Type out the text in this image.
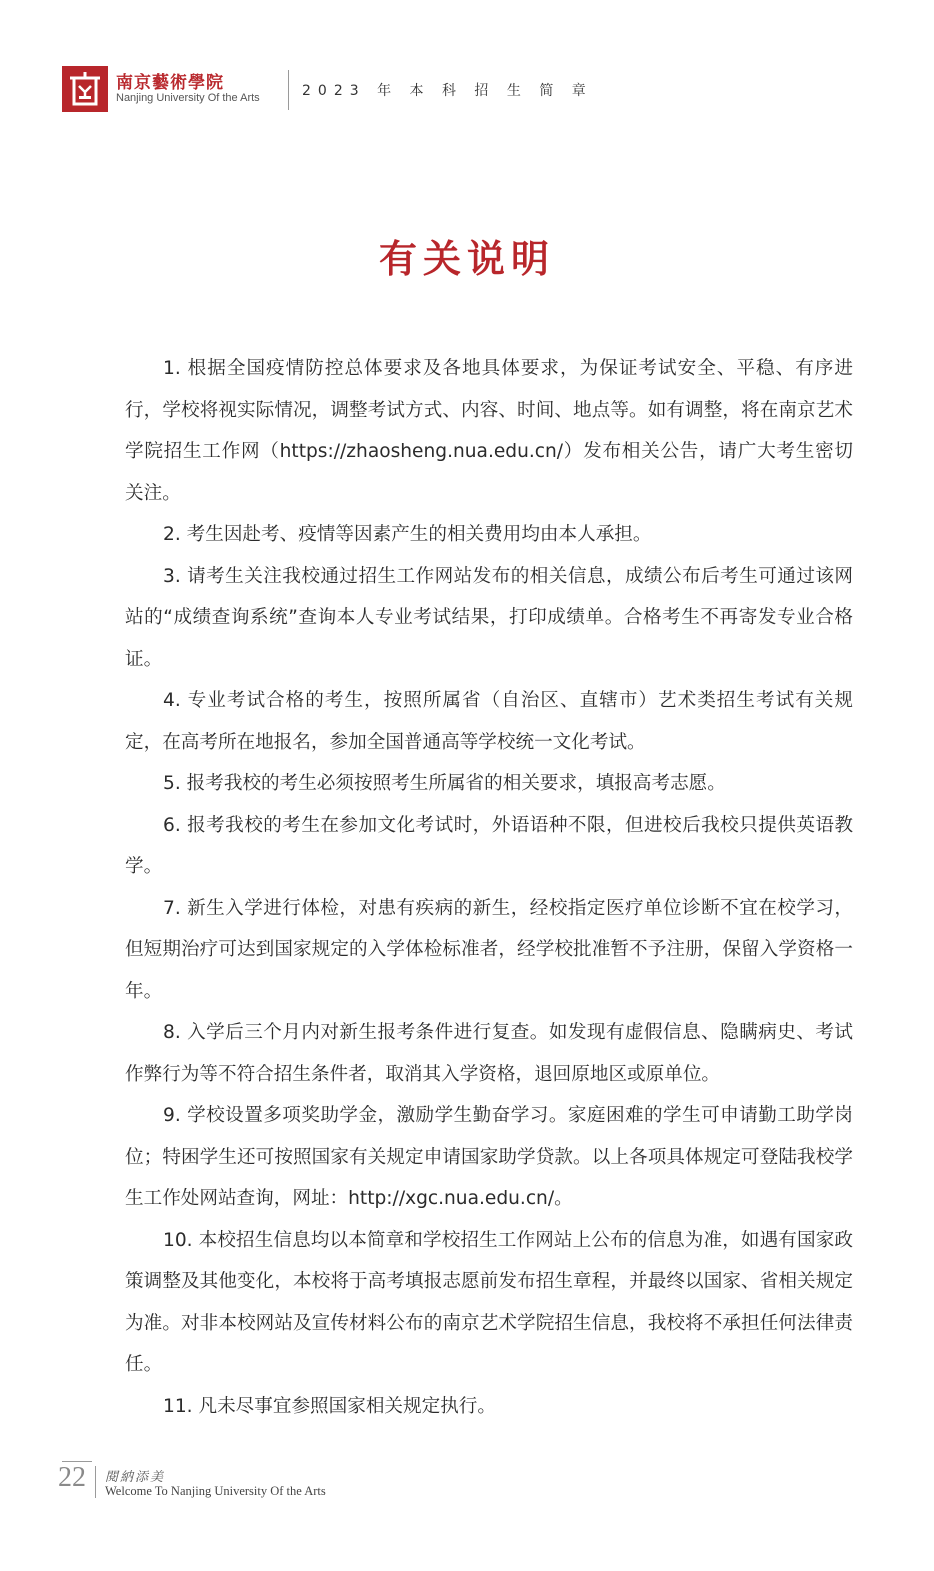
南京藝術學院
Nanjing University Of the Arts	2023 年 本 科 招 生 简 章
有关说明

1. 根据全国疫情防控总体要求及各地具体要求，为保证考试安全、平稳、有序进行，学校将视实际情况，调整考试方式、内容、时间、地点等。如有调整，将在南京艺术学院招生工作网（https://zhaosheng.nua.edu.cn/）发布相关公告，请广大考生密切关注。

2. 考生因赴考、疫情等因素产生的相关费用均由本人承担。

3. 请考生关注我校通过招生工作网站发布的相关信息，成绩公布后考生可通过该网站的“成绩查询系统”查询本人专业考试结果，打印成绩单。合格考生不再寄发专业合格证。

4. 专业考试合格的考生，按照所属省（自治区、直辖市）艺术类招生考试有关规定，在高考所在地报名，参加全国普通高等学校统一文化考试。

5. 报考我校的考生必须按照考生所属省的相关要求，填报高考志愿。

6. 报考我校的考生在参加文化考试时，外语语种不限，但进校后我校只提供英语教学。

7. 新生入学进行体检，对患有疾病的新生，经校指定医疗单位诊断不宜在校学习，但短期治疗可达到国家规定的入学体检标准者，经学校批准暂不予注册，保留入学资格一年。

8. 入学后三个月内对新生报考条件进行复查。如发现有虚假信息、隐瞒病史、考试作弊行为等不符合招生条件者，取消其入学资格，退回原地区或原单位。

9. 学校设置多项奖助学金，激励学生勤奋学习。家庭困难的学生可申请勤工助学岗位；特困学生还可按照国家有关规定申请国家助学贷款。以上各项具体规定可登陆我校学生工作处网站查询，网址：http://xgc.nua.edu.cn/。

10. 本校招生信息均以本简章和学校招生工作网站上公布的信息为准，如遇有国家政策调整及其他变化，本校将于高考填报志愿前发布招生章程，并最终以国家、省相关规定为准。对非本校网站及宣传材料公布的南京艺术学院招生信息，我校将不承担任何法律责任。

11. 凡未尽事宜参照国家相关规定执行。

22 閱納添美
Welcome To Nanjing University Of the Arts
